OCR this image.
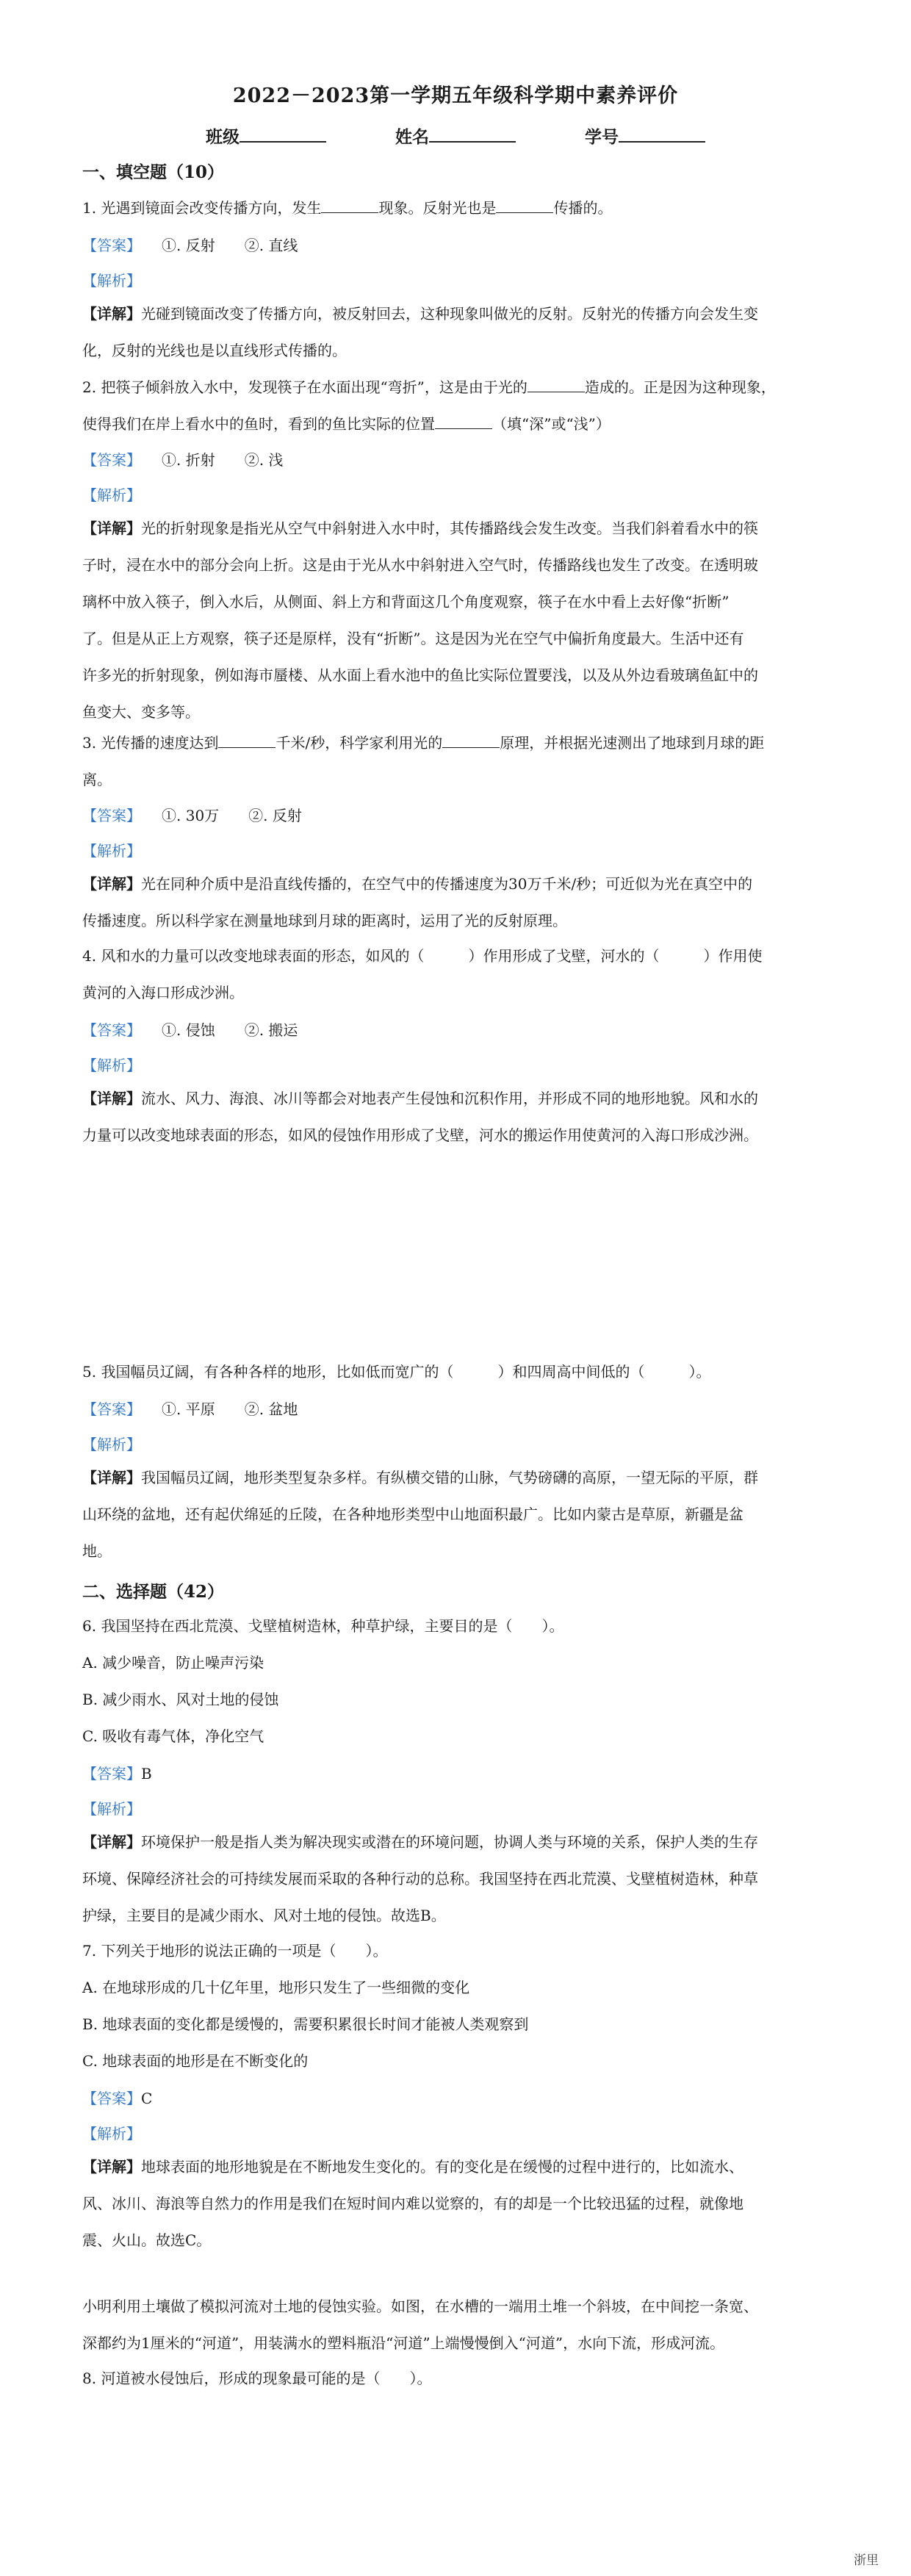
2022－2023第一学期五年级科学期中素养评价
班级	姓名	学号
一、填空题（10）
1. 光遇到镜面会改变传播方向，发生	现象。反射光也是	传播的。
【答案】 ①. 反射 ②. 直线
【解析】
【详解】光碰到镜面改变了传播方向，被反射回去，这种现象叫做光的反射。反射光的传播方向会发生变
化，反射的光线也是以直线形式传播的。
2. 把筷子倾斜放入水中，发现筷子在水面出现“弯折”，这是由于光的	造成的。正是因为这种现象，
使得我们在岸上看水中的鱼时，看到的鱼比实际的位置	（填“深”或“浅”）
【答案】 ①. 折射 ②. 浅
【解析】
【详解】光的折射现象是指光从空气中斜射进入水中时，其传播路线会发生改变。当我们斜着看水中的筷
子时，浸在水中的部分会向上折。这是由于光从水中斜射进入空气时，传播路线也发生了改变。在透明玻
璃杯中放入筷子，倒入水后，从侧面、斜上方和背面这几个角度观察，筷子在水中看上去好像“折断”
了。但是从正上方观察，筷子还是原样，没有“折断”。这是因为光在空气中偏折角度最大。生活中还有
许多光的折射现象，例如海市蜃楼、从水面上看水池中的鱼比实际位置要浅，以及从外边看玻璃鱼缸中的
鱼变大、变多等。
3. 光传播的速度达到	千米/秒，科学家利用光的	原理，并根据光速测出了地球到月球的距
离。
【答案】 ①. 30万 ②. 反射
【解析】
【详解】光在同种介质中是沿直线传播的，在空气中的传播速度为30万千米/秒；可近似为光在真空中的
传播速度。所以科学家在测量地球到月球的距离时，运用了光的反射原理。
4. 风和水的力量可以改变地球表面的形态，如风的（　　　）作用形成了戈壁，河水的（　　　）作用使
黄河的入海口形成沙洲。
【答案】 ①. 侵蚀 ②. 搬运
【解析】
【详解】流水、风力、海浪、冰川等都会对地表产生侵蚀和沉积作用，并形成不同的地形地貌。风和水的
力量可以改变地球表面的形态，如风的侵蚀作用形成了戈壁，河水的搬运作用使黄河的入海口形成沙洲。
5. 我国幅员辽阔，有各种各样的地形，比如低而宽广的（　　　）和四周高中间低的（　　　）。
【答案】 ①. 平原 ②. 盆地
【解析】
【详解】我国幅员辽阔，地形类型复杂多样。有纵横交错的山脉，气势磅礴的高原，一望无际的平原，群
山环绕的盆地，还有起伏绵延的丘陵，在各种地形类型中山地面积最广。比如内蒙古是草原，新疆是盆
地。
二、选择题（42）
6. 我国坚持在西北荒漠、戈壁植树造林，种草护绿，主要目的是（　　）。
A. 减少噪音，防止噪声污染
B. 减少雨水、风对土地的侵蚀
C. 吸收有毒气体，净化空气
【答案】B
【解析】
【详解】环境保护一般是指人类为解决现实或潜在的环境问题，协调人类与环境的关系，保护人类的生存
环境、保障经济社会的可持续发展而采取的各种行动的总称。我国坚持在西北荒漠、戈壁植树造林，种草
护绿，主要目的是减少雨水、风对土地的侵蚀。故选B。
7. 下列关于地形的说法正确的一项是（　　）。
A. 在地球形成的几十亿年里，地形只发生了一些细微的变化
B. 地球表面的变化都是缓慢的，需要积累很长时间才能被人类观察到
C. 地球表面的地形是在不断变化的
【答案】C
【解析】
【详解】地球表面的地形地貌是在不断地发生变化的。有的变化是在缓慢的过程中进行的，比如流水、
风、冰川、海浪等自然力的作用是我们在短时间内难以觉察的，有的却是一个比较迅猛的过程，就像地
震、火山。故选C。
小明利用土壤做了模拟河流对土地的侵蚀实验。如图，在水槽的一端用土堆一个斜坡，在中间挖一条宽、
深都约为1厘米的“河道”，用装满水的塑料瓶沿“河道”上端慢慢倒入“河道”，水向下流，形成河流。
8. 河道被水侵蚀后，形成的现象最可能的是（　　）。
浙里
